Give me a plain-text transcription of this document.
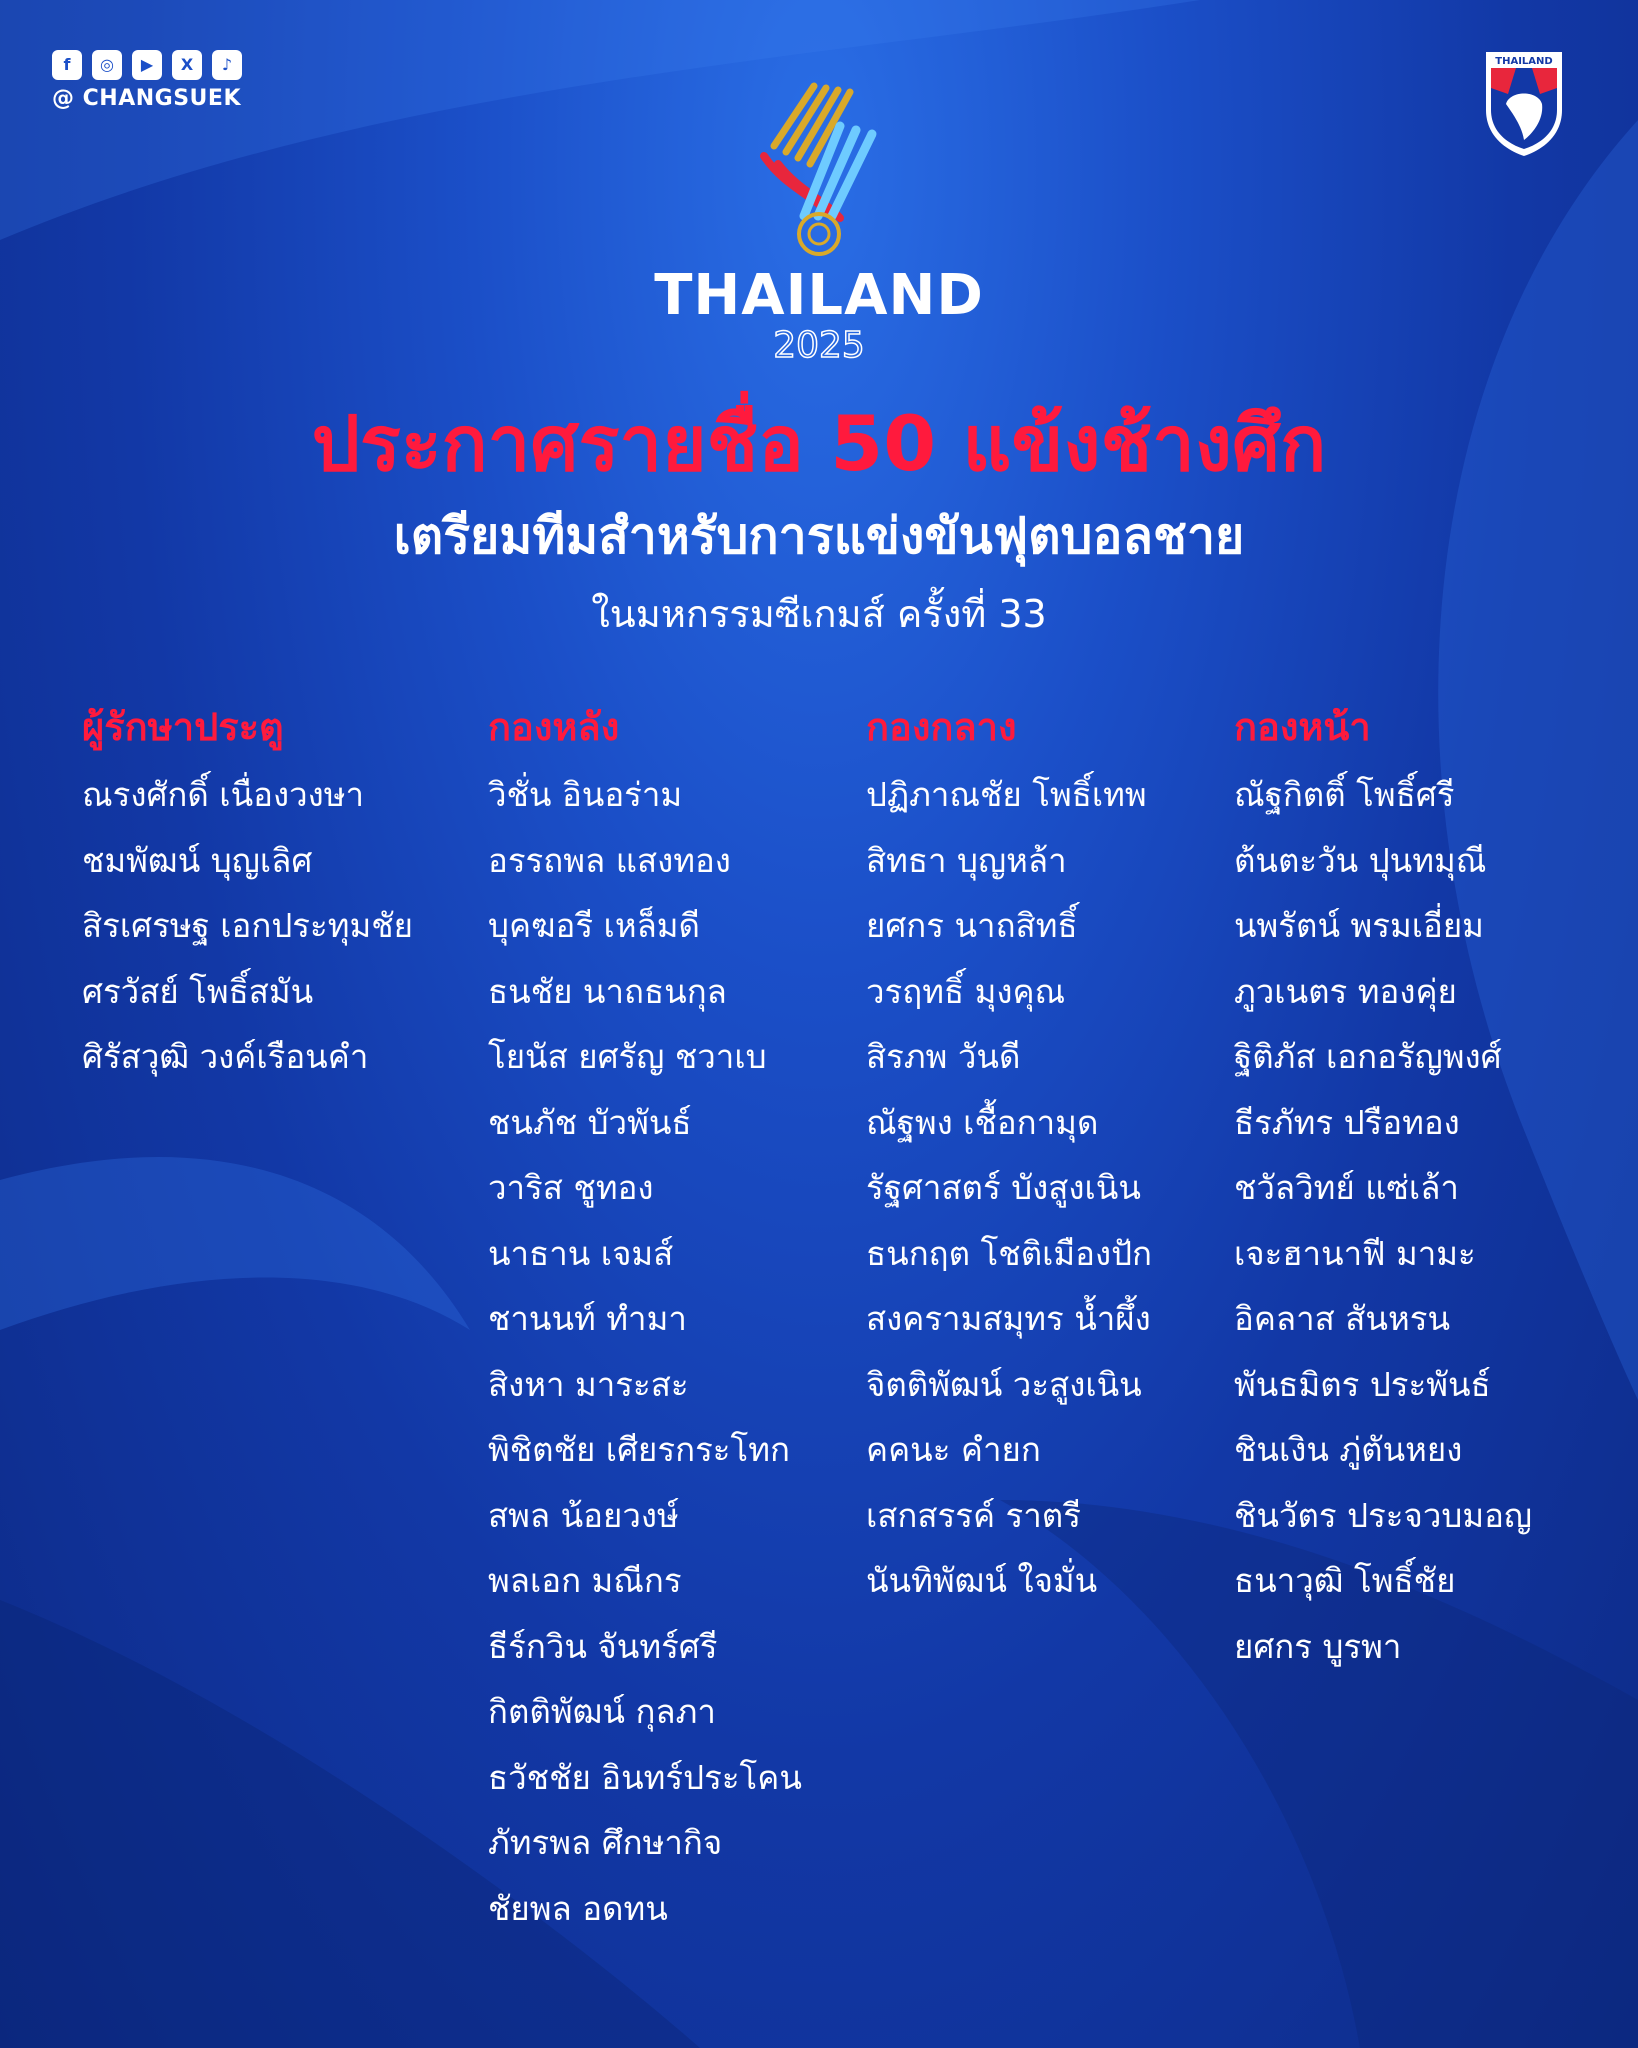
f	◎	▶	X	♪
@ CHANGSUEK
THAILAND
THAILAND
2025
ประกาศรายชื่อ 50 แข้งช้างศึก
เตรียมทีมสำหรับการแข่งขันฟุตบอลชาย
ในมหกรรมซีเกมส์ ครั้งที่ 33
ผู้รักษาประตู
ณรงศักดิ์ เนื่องวงษา
ชมพัฒน์ บุญเลิศ
สิรเศรษฐ เอกประทุมชัย
ศรวัสย์ โพธิ์สมัน
ศิรัสวุฒิ วงค์เรือนคำ
กองหลัง
วิชั่น อินอร่าม
อรรถพล แสงทอง
บุคฆอรี เหล็มดี
ธนชัย นาถธนกุล
โยนัส ยศรัญ ชวาเบ
ชนภัช บัวพันธ์
วาริส ชูทอง
นาธาน เจมส์
ชานนท์ ทำมา
สิงหา มาระสะ
พิชิตชัย เศียรกระโทก
สพล น้อยวงษ์
พลเอก มณีกร
ธีร์กวิน จันทร์ศรี
กิตติพัฒน์ กุลภา
ธวัชชัย อินทร์ประโคน
ภัทรพล ศึกษากิจ
ชัยพล อดทน
กองกลาง
ปฏิภาณชัย โพธิ์เทพ
สิทธา บุญหล้า
ยศกร นาถสิทธิ์
วรฤทธิ์ มุงคุณ
สิรภพ วันดี
ณัฐพง เชื้อกามุด
รัฐศาสตร์ บังสูงเนิน
ธนกฤต โชติเมืองปัก
สงครามสมุทร น้ำผึ้ง
จิตติพัฒน์ วะสูงเนิน
คคนะ คำยก
เสกสรรค์ ราตรี
นันทิพัฒน์ ใจมั่น
กองหน้า
ณัฐกิตติ์ โพธิ์ศรี
ต้นตะวัน ปุนทมุณี
นพรัตน์ พรมเอี่ยม
ภูวเนตร ทองคุ่ย
ฐิติภัส เอกอรัญพงศ์
ธีรภัทร ปรือทอง
ชวัลวิทย์ แซ่เล้า
เจะฮานาฟี มามะ
อิคลาส สันหรน
พันธมิตร ประพันธ์
ชินเงิน ภู่ตันหยง
ชินวัตร ประจวบมอญ
ธนาวุฒิ โพธิ์ชัย
ยศกร บูรพา
